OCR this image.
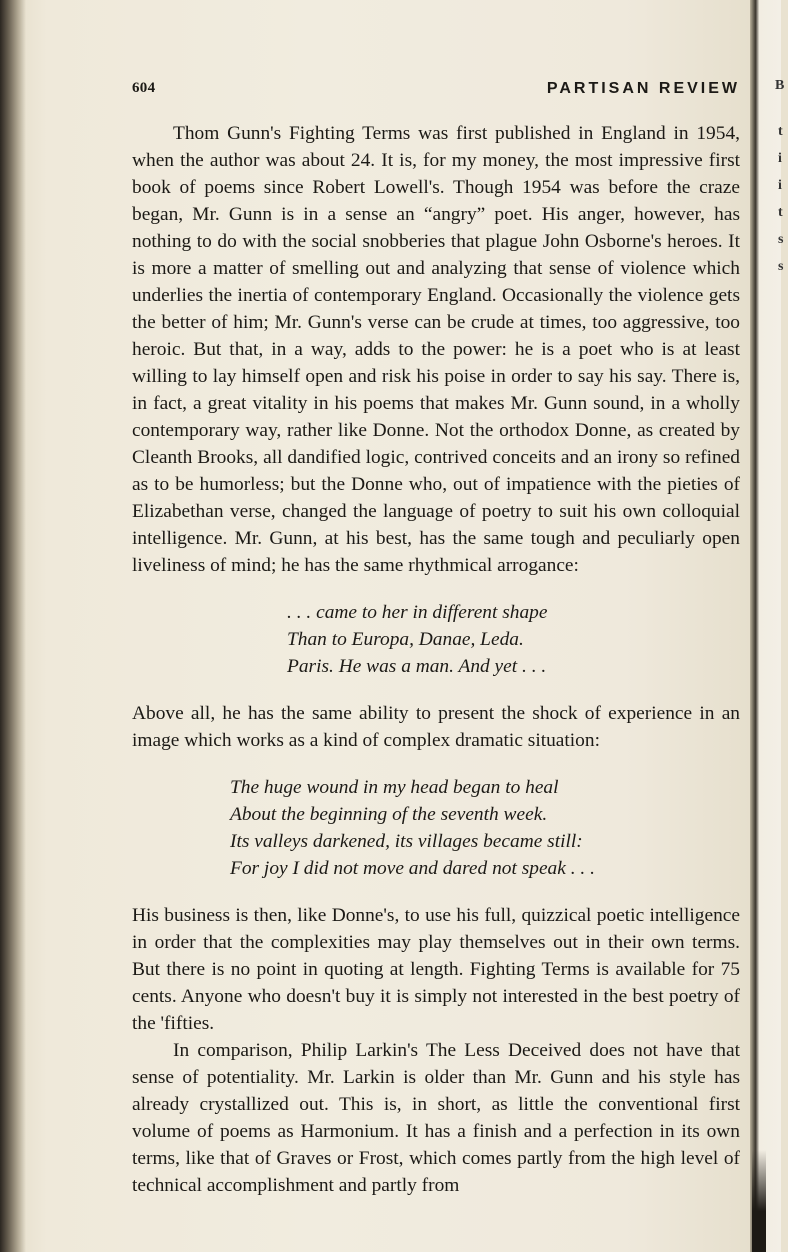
604	PARTISAN REVIEW

Thom Gunn's Fighting Terms was first published in England in 1954, when the author was about 24. It is, for my money, the most impressive first book of poems since Robert Lowell's. Though 1954 was before the craze began, Mr. Gunn is in a sense an “angry” poet. His anger, however, has nothing to do with the social snobberies that plague John Osborne's heroes. It is more a matter of smelling out and analyzing that sense of violence which underlies the inertia of contemporary England. Occasionally the violence gets the better of him; Mr. Gunn's verse can be crude at times, too aggressive, too heroic. But that, in a way, adds to the power: he is a poet who is at least willing to lay himself open and risk his poise in order to say his say. There is, in fact, a great vitality in his poems that makes Mr. Gunn sound, in a wholly contemporary way, rather like Donne. Not the orthodox Donne, as created by Cleanth Brooks, all dandified logic, contrived conceits and an irony so refined as to be humorless; but the Donne who, out of impatience with the pieties of Elizabethan verse, changed the language of poetry to suit his own colloquial intelligence. Mr. Gunn, at his best, has the same tough and peculiarly open liveliness of mind; he has the same rhythmical arrogance:

. . . came to her in different shape
Than to Europa, Danae, Leda.
Paris. He was a man. And yet . . .

Above all, he has the same ability to present the shock of experience in an image which works as a kind of complex dramatic situation:

The huge wound in my head began to heal
About the beginning of the seventh week.
Its valleys darkened, its villages became still:
For joy I did not move and dared not speak . . .

His business is then, like Donne's, to use his full, quizzical poetic intelligence in order that the complexities may play themselves out in their own terms. But there is no point in quoting at length. Fighting Terms is available for 75 cents. Anyone who doesn't buy it is simply not interested in the best poetry of the 'fifties.

In comparison, Philip Larkin's The Less Deceived does not have that sense of potentiality. Mr. Larkin is older than Mr. Gunn and his style has already crystallized out. This is, in short, as little the conventional first volume of poems as Harmonium. It has a finish and a perfection in its own terms, like that of Graves or Frost, which comes partly from the high level of technical accomplishment and partly from

t
i
i
t
s
s
B
